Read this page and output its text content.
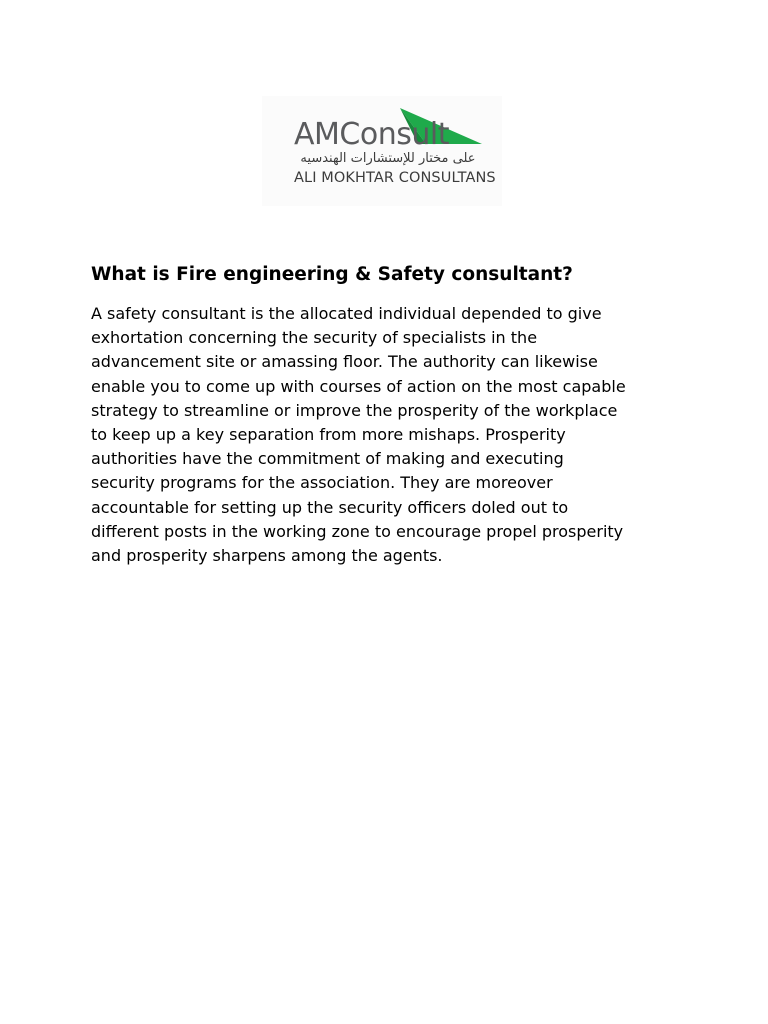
AMConsult
على مختار للإستشارات الهندسيه
ALI MOKHTAR CONSULTANS
What is Fire engineering & Safety consultant?

A safety consultant is the allocated individual depended to give
exhortation concerning the security of specialists in the
advancement site or amassing floor. The authority can likewise
enable you to come up with courses of action on the most capable
strategy to streamline or improve the prosperity of the workplace
to keep up a key separation from more mishaps. Prosperity
authorities have the commitment of making and executing
security programs for the association. They are moreover
accountable for setting up the security officers doled out to
different posts in the working zone to encourage propel prosperity
and prosperity sharpens among the agents.
